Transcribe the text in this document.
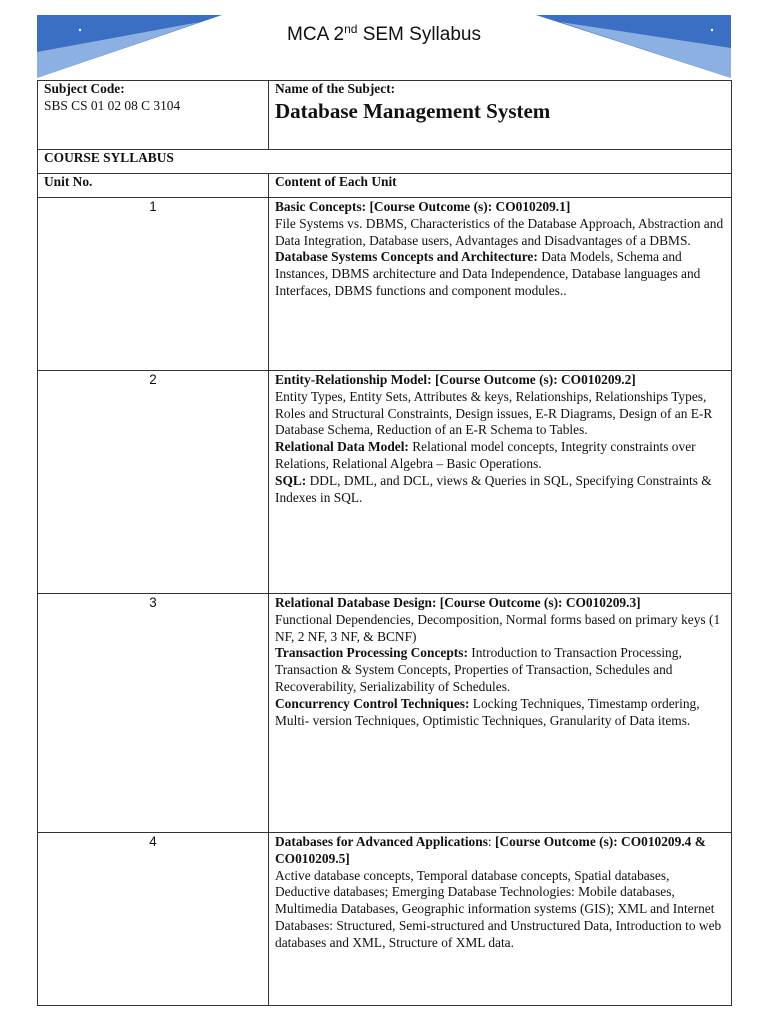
MCA 2nd SEM Syllabus
Subject Code:
SBS CS 01 02 08 C 3104	Name of the Subject:
Database Management System

COURSE SYLLABUS	
Unit No.	Content of Each Unit
1	Basic Concepts: [Course Outcome (s): CO010209.1]
File Systems vs. DBMS, Characteristics of the Database Approach, Abstraction and Data Integration, Database users, Advantages and Disadvantages of a DBMS.
Database Systems Concepts and Architecture: Data Models, Schema and Instances, DBMS architecture and Data Independence, Database languages and Interfaces, DBMS functions and component modules..

2	Entity-Relationship Model: [Course Outcome (s): CO010209.2]
Entity Types, Entity Sets, Attributes & keys, Relationships, Relationships Types, Roles and Structural Constraints, Design issues, E-R Diagrams, Design of an E-R Database Schema, Reduction of an E-R Schema to Tables.
Relational Data Model: Relational model concepts, Integrity constraints over Relations, Relational Algebra – Basic Operations.
SQL: DDL, DML, and DCL, views & Queries in SQL, Specifying Constraints & Indexes in SQL.

3	Relational Database Design: [Course Outcome (s): CO010209.3]
Functional Dependencies, Decomposition, Normal forms based on primary keys (1 NF, 2 NF, 3 NF, & BCNF)
Transaction Processing Concepts: Introduction to Transaction Processing, Transaction & System Concepts, Properties of Transaction, Schedules and Recoverability, Serializability of Schedules.
Concurrency Control Techniques: Locking Techniques, Timestamp ordering, Multi- version Techniques, Optimistic Techniques, Granularity of Data items.

4	Databases for Advanced Applications: [Course Outcome (s): CO010209.4 & CO010209.5]
Active database concepts, Temporal database concepts, Spatial databases, Deductive databases; Emerging Database Technologies: Mobile databases, Multimedia Databases, Geographic information systems (GIS); XML and Internet Databases: Structured, Semi-structured and Unstructured Data, Introduction to web databases and XML, Structure of XML data.
